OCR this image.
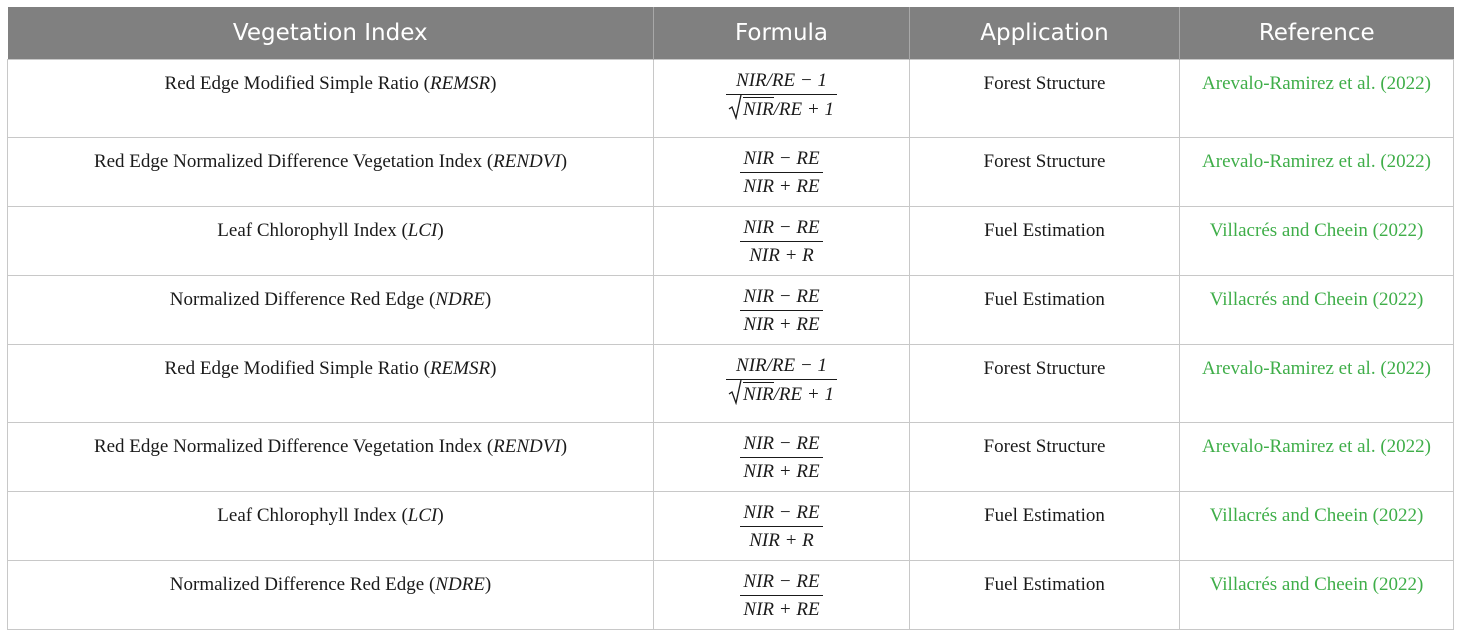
Vegetation Index	Formula	Application	Reference

Red Edge Modified Simple Ratio (REMSR)	$\frac{\text{NIR/RE − 1}}{\text{NIR/RE + 1}}$	Forest Structure	Arevalo-Ramirez et al. (2022)

Red Edge Normalized Difference Vegetation Index (RENDVI)	$\frac{\text{NIR − RE}}{\text{NIR + RE}}$	Forest Structure	Arevalo-Ramirez et al. (2022)

Leaf Chlorophyll Index (LCI)	$\frac{\text{NIR − RE}}{\text{NIR + R}}$	Fuel Estimation	Villacrés and Cheein (2022)

Normalized Difference Red Edge (NDRE)	$\frac{\text{NIR − RE}}{\text{NIR + RE}}$	Fuel Estimation	Villacrés and Cheein (2022)

Red Edge Modified Simple Ratio (REMSR)	$\frac{\text{NIR/RE − 1}}{\text{NIR/RE + 1}}$	Forest Structure	Arevalo-Ramirez et al. (2022)

Red Edge Normalized Difference Vegetation Index (RENDVI)	$\frac{\text{NIR − RE}}{\text{NIR + RE}}$	Forest Structure	Arevalo-Ramirez et al. (2022)

Leaf Chlorophyll Index (LCI)	$\frac{\text{NIR − RE}}{\text{NIR + R}}$	Fuel Estimation	Villacrés and Cheein (2022)

Normalized Difference Red Edge (NDRE)	$\frac{\text{NIR − RE}}{\text{NIR + RE}}$	Fuel Estimation	Villacrés and Cheein (2022)
